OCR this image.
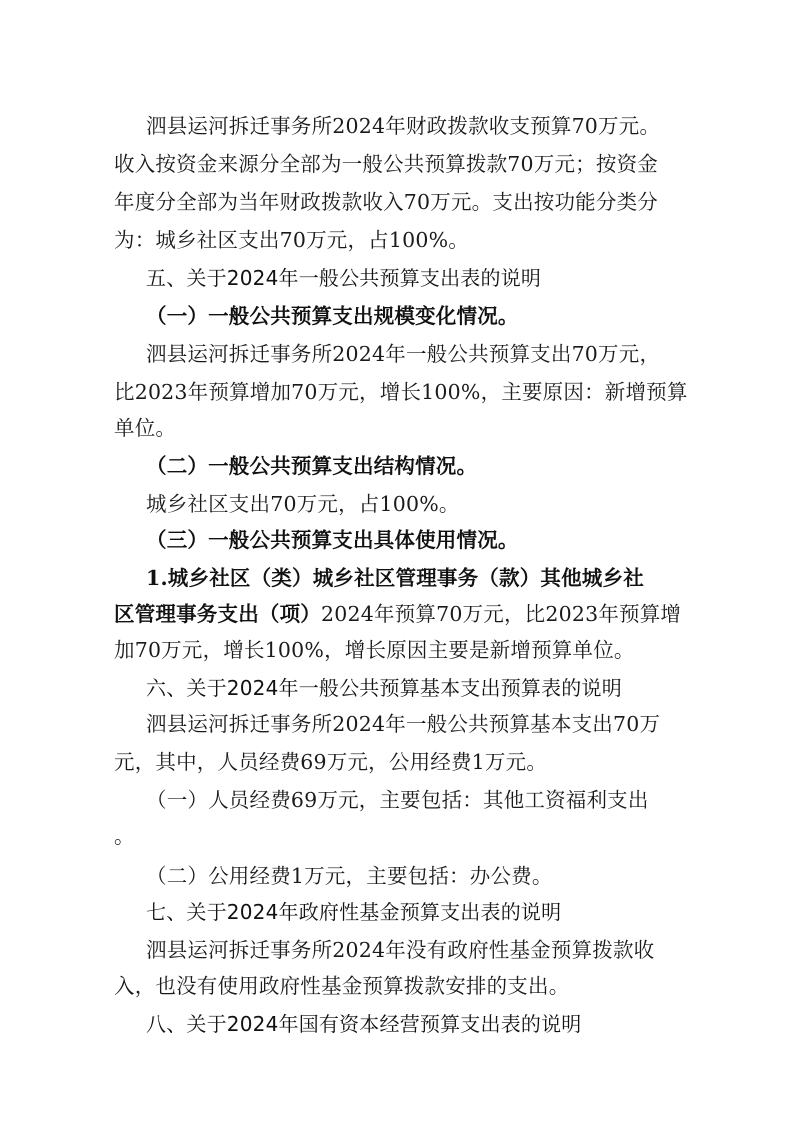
泗县运河拆迁事务所2024年财政拨款收支预算70万元。
收入按资金来源分全部为一般公共预算拨款70万元；按资金
年度分全部为当年财政拨款收入70万元。支出按功能分类分
为：城乡社区支出70万元，占100%。
五、关于2024年一般公共预算支出表的说明
（一）一般公共预算支出规模变化情况。
泗县运河拆迁事务所2024年一般公共预算支出70万元，
比2023年预算增加70万元，增长100%，主要原因：新增预算
单位。
（二）一般公共预算支出结构情况。
城乡社区支出70万元，占100%。
（三）一般公共预算支出具体使用情况。
1.城乡社区（类）城乡社区管理事务（款）其他城乡社
区管理事务支出（项）2024年预算70万元，比2023年预算增
加70万元，增长100%，增长原因主要是新增预算单位。
六、关于2024年一般公共预算基本支出预算表的说明
泗县运河拆迁事务所2024年一般公共预算基本支出70万
元，其中，人员经费69万元，公用经费1万元。
（一）人员经费69万元，主要包括：其他工资福利支出
。
（二）公用经费1万元，主要包括：办公费。
七、关于2024年政府性基金预算支出表的说明
泗县运河拆迁事务所2024年没有政府性基金预算拨款收
入，也没有使用政府性基金预算拨款安排的支出。
八、关于2024年国有资本经营预算支出表的说明
